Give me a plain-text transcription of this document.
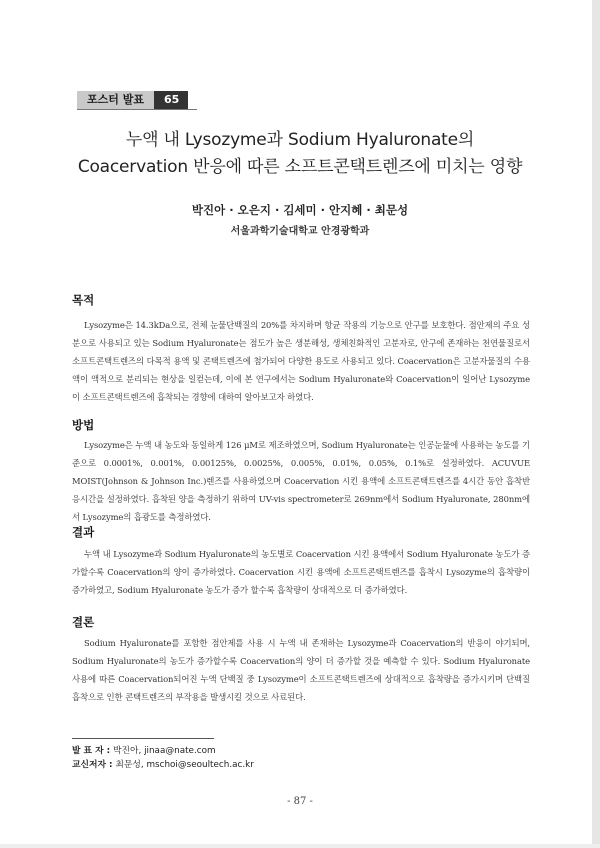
포스터 발표	65
누액 내 Lysozyme과 Sodium Hyaluronate의
Coacervation 반응에 따른 소프트콘택트렌즈에 미치는 영향
박진아 · 오은지 · 김세미 · 안지혜 · 최문성
서울과학기술대학교 안경광학과
목적
Lysozyme은 14.3kDa으로, 전체 눈물단백질의 20%를 차지하며 항균 작용의 기능으로 안구를 보호한다. 점안제의 주요 성분으로 사용되고 있는 Sodium Hyaluronate는 점도가 높은 생분해성, 생체친화적인 고분자로, 안구에 존재하는 천연물질로서 소프트콘택트렌즈의 다목적 용액 및 콘택트렌즈에 첨가되어 다양한 용도로 사용되고 있다. Coacervation은 고분자물질의 수용액이 액적으로 분리되는 현상을 일컫는데, 이에 본 연구에서는 Sodium Hyaluronate와 Coacervation이 일어난 Lysozyme이 소프트콘택트렌즈에 흡착되는 경향에 대하여 알아보고자 하였다.
방법
Lysozyme은 누액 내 농도와 동일하게 126 μM로 제조하였으며, Sodium Hyaluronate는 인공눈물에 사용하는 농도를 기준으로 0.0001%, 0.001%, 0.00125%, 0.0025%, 0.005%, 0.01%, 0.05%, 0.1%로 설정하였다. ACUVUE MOIST(Johnson & Johnson Inc.)렌즈를 사용하였으며 Coacervation 시킨 용액에 소프트콘택트렌즈를 4시간 동안 흡착반응시간을 설정하였다. 흡착된 양을 측정하기 위하여 UV-vis spectrometer로 269nm에서 Sodium Hyaluronate, 280nm에서 Lysozyme의 흡광도를 측정하였다.
결과
누액 내 Lysozyme과 Sodium Hyaluronate의 농도별로 Coacervation 시킨 용액에서 Sodium Hyaluronate 농도가 증가할수록 Coacervation의 양이 증가하였다. Coacervation 시킨 용액에 소프트콘택트렌즈를 흡착시 Lysozyme의 흡착량이 증가하였고, Sodium Hyaluronate 농도가 증가 할수록 흡착량이 상대적으로 더 증가하였다.
결론
Sodium Hyaluronate를 포함한 점안제를 사용 시 누액 내 존재하는 Lysozyme과 Coacervation의 반응이 야기되며, Sodium Hyaluronate의 농도가 증가할수록 Coacervation의 양이 더 증가할 것을 예측할 수 있다. Sodium Hyaluronate 사용에 따른 Coacervation되어진 누액 단백질 중 Lysozyme이 소프트콘택트렌즈에 상대적으로 흡착량을 증가시키며 단백질 흡착으로 인한 콘택트렌즈의 부작용을 발생시킬 것으로 사료된다.
발 표 자 : 박진아, jinaa@nate.com
교신저자 : 최문성, mschoi@seoultech.ac.kr
- 87 -
